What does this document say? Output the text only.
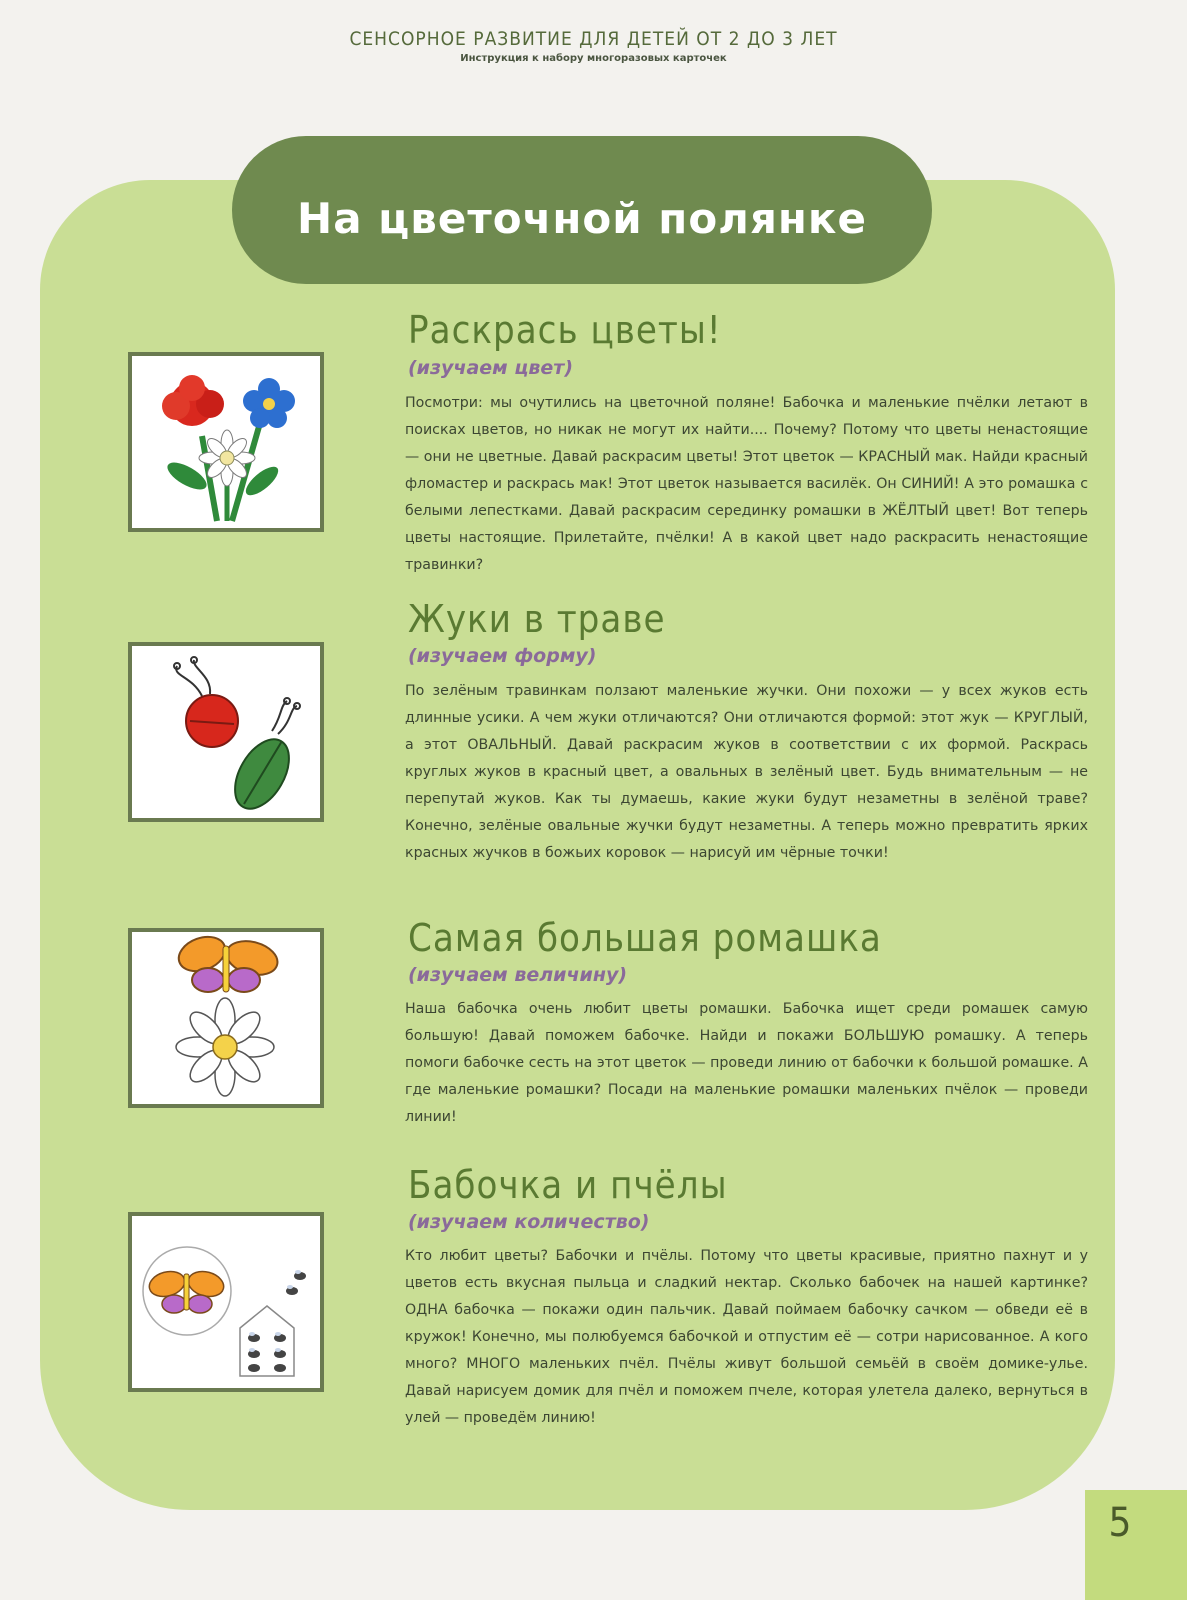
СЕНСОРНОЕ РАЗВИТИЕ ДЛЯ ДЕТЕЙ ОТ 2 ДО 3 ЛЕТ
Инструкция к набору многоразовых карточек
На цветочной полянке
Раскрась цветы!
(изучаем цвет)
Посмотри: мы очутились на цветочной поляне! Бабочка и маленькие пчёлки летают в поисках цветов, но никак не могут их найти.... Почему? Потому что цветы ненастоящие — они не цветные. Давай раскрасим цветы! Этот цветок — КРАСНЫЙ мак. Найди красный фломастер и раскрась мак! Этот цветок называется василёк. Он СИНИЙ! А это ромашка с белыми лепестками. Давай раскрасим серединку ромашки в ЖЁЛТЫЙ цвет! Вот теперь цветы настоящие. Прилетайте, пчёлки! А в какой цвет надо раскрасить ненастоящие травинки?
Жуки в траве
(изучаем форму)
По зелёным травинкам ползают маленькие жучки. Они похожи — у всех жуков есть длинные усики. А чем жуки отличаются? Они отличаются формой: этот жук — КРУГЛЫЙ, а этот ОВАЛЬНЫЙ. Давай раскрасим жуков в соответствии с их формой. Раскрась круглых жуков в красный цвет, а овальных в зелёный цвет. Будь внимательным — не перепутай жуков. Как ты думаешь, какие жуки будут незаметны в зелёной траве? Конечно, зелёные овальные жучки будут незаметны. А теперь можно превратить ярких красных жучков в божьих коровок — нарисуй им чёрные точки!
Самая большая ромашка
(изучаем величину)
Наша бабочка очень любит цветы ромашки. Бабочка ищет среди ромашек самую большую! Давай поможем бабочке. Найди и покажи БОЛЬШУЮ ромашку. А теперь помоги бабочке сесть на этот цветок — проведи линию от бабочки к большой ромашке. А где маленькие ромашки? Посади на маленькие ромашки маленьких пчёлок — проведи линии!
Бабочка и пчёлы
(изучаем количество)
Кто любит цветы? Бабочки и пчёлы. Потому что цветы красивые, приятно пахнут и у цветов есть вкусная пыльца и сладкий нектар. Сколько бабочек на нашей картинке? ОДНА бабочка — покажи один пальчик. Давай поймаем бабочку сачком — обведи её в кружок! Конечно, мы полюбуемся бабочкой и отпустим её — сотри нарисованное. А кого много? МНОГО маленьких пчёл. Пчёлы живут большой семьёй в своём домике-улье. Давай нарисуем домик для пчёл и поможем пчеле, которая улетела далеко, вернуться в улей — проведём линию!
5
